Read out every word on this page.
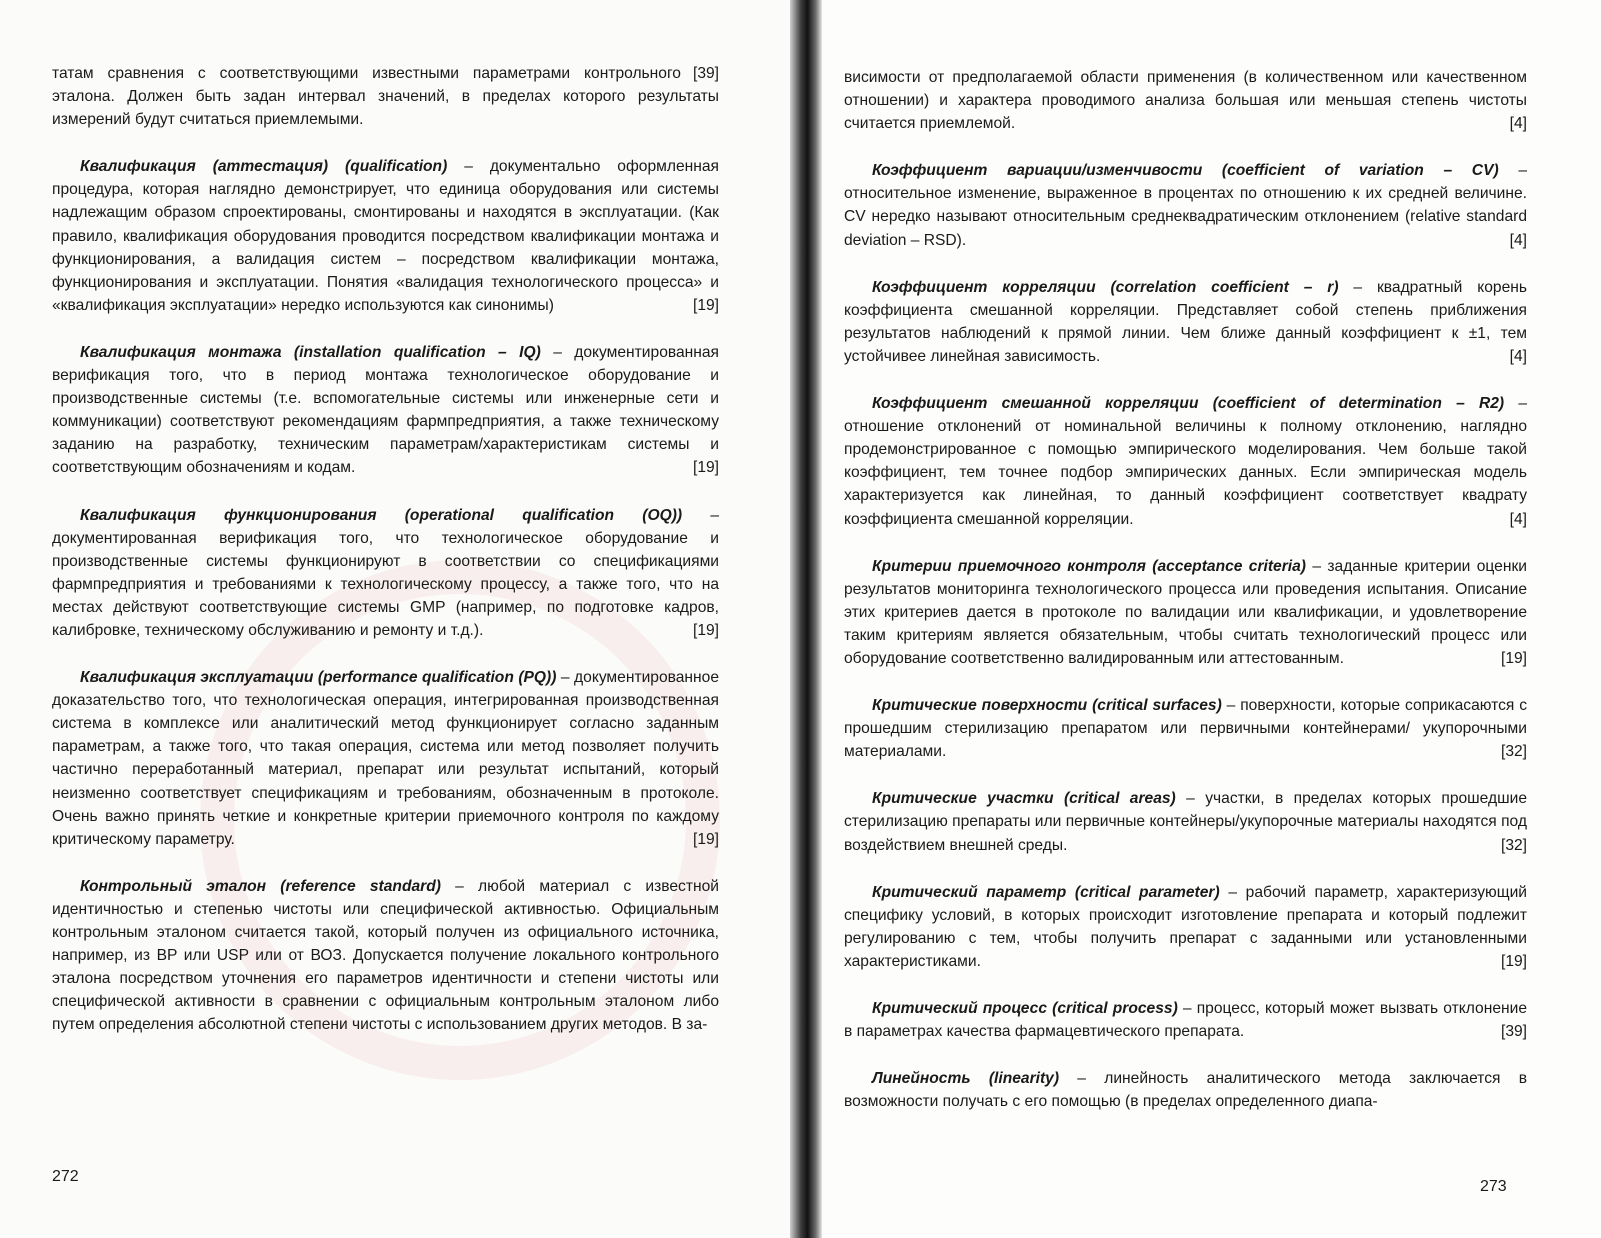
[39]
татам сравнения с соответствующими известными параметрами контрольного эталона. Должен быть задан интервал значений, в пределах которого результаты измерений будут считаться приемлемыми.

Квалификация (аттестация) (qualification) – документально оформленная процедура, которая наглядно демонстрирует, что единица оборудования или системы надлежащим образом спроектированы, смонтированы и находятся в эксплуатации. (Как правило, квалификация оборудования проводится посредством квалификации монтажа и функционирования, а валидация систем – посредством квалификации монтажа, функционирования и эксплуатации. Понятия «валидация технологического процесса» и «квалификация эксплуатации» нередко используются как синонимы)	[19]

Квалификация монтажа (installation qualification – IQ) – документированная верификация того, что в период монтажа технологическое оборудование и производственные системы (т.е. вспомогательные системы или инженерные сети и коммуникации) соответствуют рекомендациям фармпредприятия, а также техническому заданию на разработку, техническим параметрам/характеристикам системы и соответствующим обозначениям и кодам.	[19]

Квалификация функционирования (operational qualification (OQ)) – документированная верификация того, что технологическое оборудование и производственные системы функционируют в соответствии со спецификациями фармпредприятия и требованиями к технологическому процессу, а также того, что на местах действуют соответствующие системы GMP (например, по подготовке кадров, калибровке, техническому обслуживанию и ремонту и т.д.).	[19]

Квалификация эксплуатации (performance qualification (PQ)) – документированное доказательство того, что технологическая операция, интегрированная производственная система в комплексе или аналитический метод функционирует согласно заданным параметрам, а также того, что такая операция, система или метод позволяет получить частично переработанный материал, препарат или результат испытаний, который неизменно соответствует спецификациям и требованиям, обозначенным в протоколе. Очень важно принять четкие и конкретные критерии приемочного контроля по каждому критическому параметру.	[19]

Контрольный эталон (reference standard) – любой материал с известной идентичностью и степенью чистоты или специфической активностью. Официальным контрольным эталоном считается такой, который получен из официального источника, например, из BP или USP или от ВОЗ. Допускается получение локального контрольного эталона посредством уточнения его параметров идентичности и степени чистоты или специфической активности в сравнении с официальным контрольным эталоном либо путем определения абсолютной степени чистоты с использованием других методов. В за-

272

висимости от предполагаемой области применения (в количественном или качественном отношении) и характера проводимого анализа большая или меньшая степень чистоты считается приемлемой.	[4]

Коэффициент вариации/изменчивости (coefficient of variation – CV) – относительное изменение, выраженное в процентах по отношению к их средней величине. CV нередко называют относительным среднеквадратическим отклонением (relative standard deviation – RSD).	[4]

Коэффициент корреляции (correlation coefficient – r) – квадратный корень коэффициента смешанной корреляции. Представляет собой степень приближения результатов наблюдений к прямой линии. Чем ближе данный коэффициент к ±1, тем устойчивее линейная зависимость.	[4]

Коэффициент смешанной корреляции (coefficient of determination – R2) – отношение отклонений от номинальной величины к полному отклонению, наглядно продемонстрированное с помощью эмпирического моделирования. Чем больше такой коэффициент, тем точнее подбор эмпирических данных. Если эмпирическая модель характеризуется как линейная, то данный коэффициент соответствует квадрату коэффициента смешанной корреляции.	[4]

Критерии приемочного контроля (acceptance criteria) – заданные критерии оценки результатов мониторинга технологического процесса или проведения испытания. Описание этих критериев дается в протоколе по валидации или квалификации, и удовлетворение таким критериям является обязательным, чтобы считать технологический процесс или оборудование соответственно валидированным или аттестованным.	[19]

Критические поверхности (critical surfaces) – поверхности, которые соприкасаются с прошедшим стерилизацию препаратом или первичными контейнерами/ укупорочными материалами.	[32]

Критические участки (critical areas) – участки, в пределах которых прошедшие стерилизацию препараты или первичные контейнеры/укупорочные материалы находятся под воздействием внешней среды.	[32]

Критический параметр (critical parameter) – рабочий параметр, характеризующий специфику условий, в которых происходит изготовление препарата и который подлежит регулированию с тем, чтобы получить препарат с заданными или установленными характеристиками.	[19]

Критический процесс (critical process) – процесс, который может вызвать отклонение в параметрах качества фармацевтического препарата.	[39]

Линейность (linearity) – линейность аналитического метода заключается в возможности получать с его помощью (в пределах определенного диапа-

273
